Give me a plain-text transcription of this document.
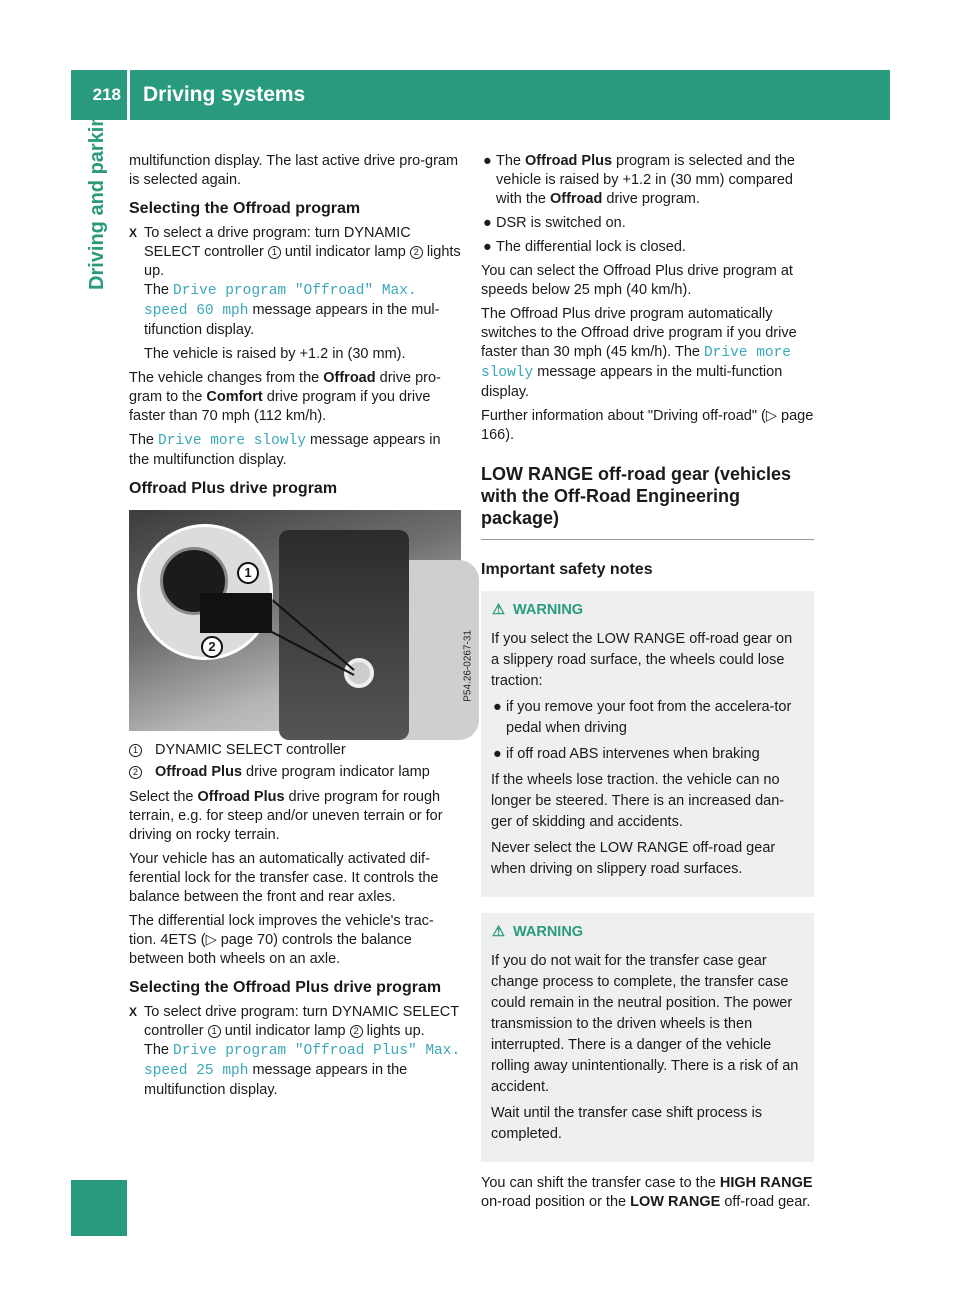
218 Driving systems
Driving and parking multifunction display. The last active drive pro-gram is selected again.

Selecting the Offroad program
X To select a drive program: turn DYNAMIC SELECT controller 1 until indicator lamp 2 lights up.
The Drive program "Offroad" Max. speed 60 mph message appears in the mul-tifunction display.

The vehicle is raised by +1.2 in (30 mm).

The vehicle changes from the Offroad drive pro-gram to the Comfort drive program if you drive faster than 70 mph (112 km/h).

The Drive more slowly message appears in the multifunction display.

Offroad Plus drive program
1
2	P54.26-0267-31
1 DYNAMIC SELECT controller
2 Offroad Plus drive program indicator lamp

Select the Offroad Plus drive program for rough terrain, e.g. for steep and/or uneven terrain or for driving on rocky terrain.

Your vehicle has an automatically activated dif-ferential lock for the transfer case. It controls the balance between the front and rear axles.

The differential lock improves the vehicle's trac-tion. 4ETS (▷ page 70) controls the balance between both wheels on an axle.

Selecting the Offroad Plus drive program
X To select drive program: turn DYNAMIC SELECT controller 1 until indicator lamp 2 lights up.
The Drive program "Offroad Plus" Max. speed 25 mph message appears in the multifunction display.
● The Offroad Plus program is selected and the vehicle is raised by +1.2 in (30 mm) compared with the Offroad drive program.
● DSR is switched on.
● The differential lock is closed.

You can select the Offroad Plus drive program at speeds below 25 mph (40 km/h).

The Offroad Plus drive program automatically switches to the Offroad drive program if you drive faster than 30 mph (45 km/h). The Drive more slowly message appears in the multi-function display.

Further information about "Driving off-road" (▷ page 166).

LOW RANGE off-road gear (vehicles with the Off-Road Engineering package)
Important safety notes
⚠ WARNING

If you select the LOW RANGE off-road gear on a slippery road surface, the wheels could lose traction:

● if you remove your foot from the accelera-tor pedal when driving
● if off road ABS intervenes when braking

If the wheels lose traction. the vehicle can no longer be steered. There is an increased dan-ger of skidding and accidents.

Never select the LOW RANGE off-road gear when driving on slippery road surfaces.

⚠ WARNING

If you do not wait for the transfer case gear change process to complete, the transfer case could remain in the neutral position. The power transmission to the driven wheels is then interrupted. There is a danger of the vehicle rolling away unintentionally. There is a risk of an accident.

Wait until the transfer case shift process is completed.

You can shift the transfer case to the HIGH RANGE on-road position or the LOW RANGE off-road gear.
